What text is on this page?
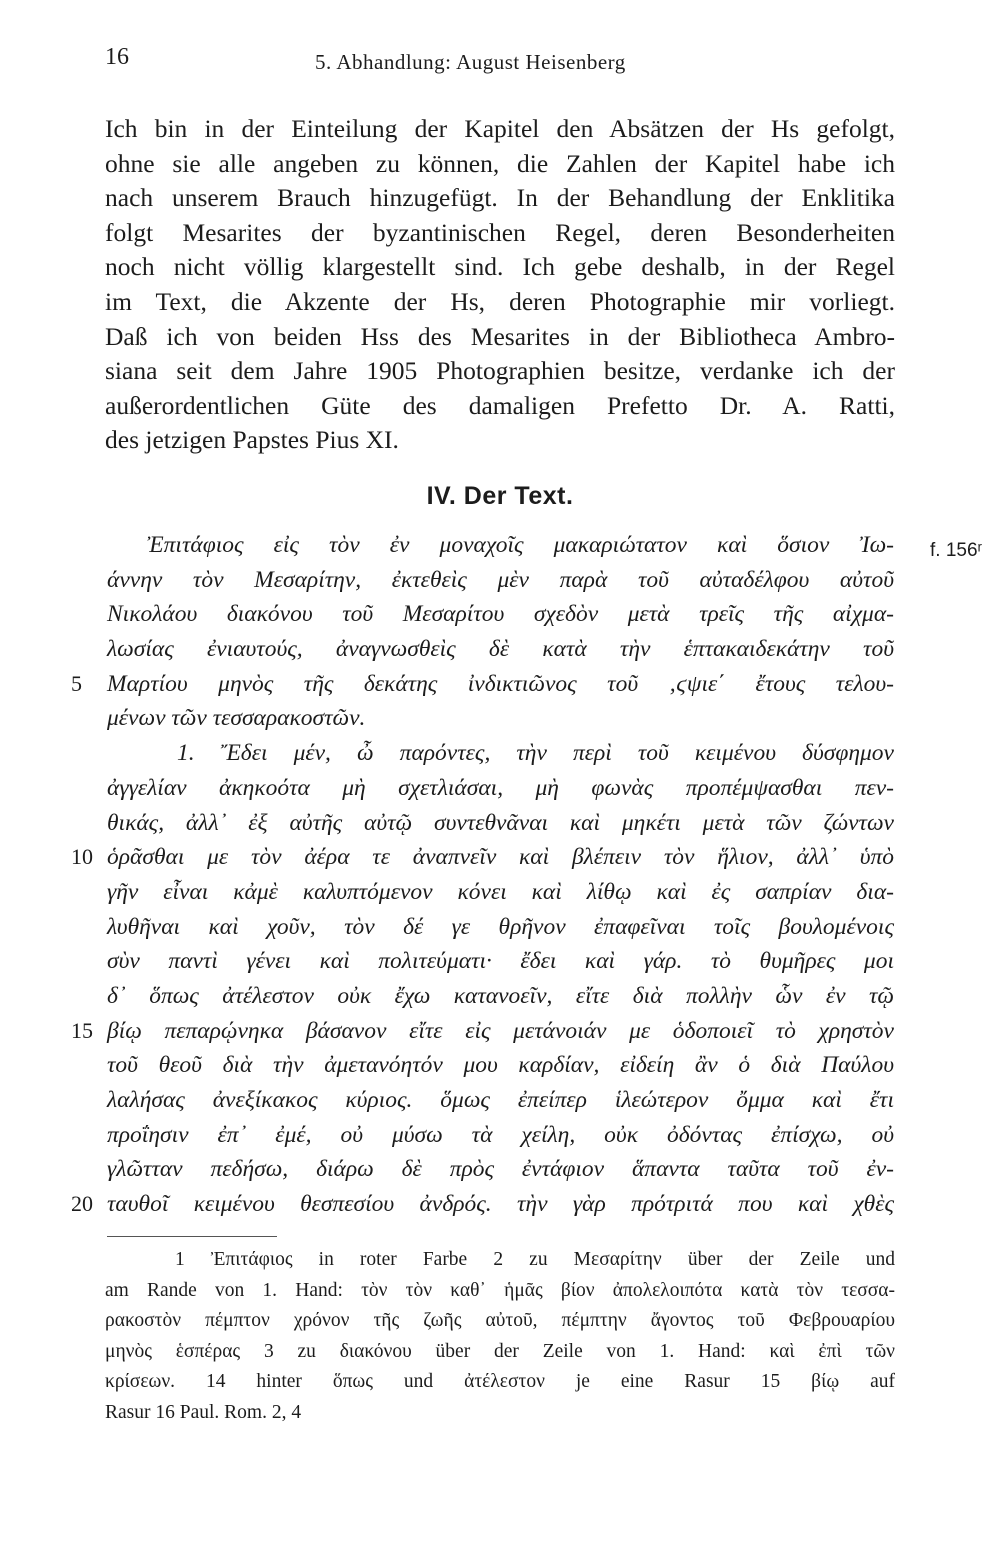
16	5. Abhandlung: August Heisenberg
Ich bin in der Einteilung der Kapitel den Absätzen der Hs gefolgt,
ohne sie alle angeben zu können, die Zahlen der Kapitel habe ich
nach unserem Brauch hinzugefügt. In der Behandlung der Enklitika
folgt Mesarites der byzantinischen Regel, deren Besonderheiten
noch nicht völlig klargestellt sind. Ich gebe deshalb, in der Regel
im Text, die Akzente der Hs, deren Photographie mir vorliegt.
Daß ich von beiden Hss des Mesarites in der Bibliotheca Ambro-
siana seit dem Jahre 1905 Photographien besitze, verdanke ich der
außerordentlichen Güte des damaligen Prefetto Dr. A. Ratti,
des jetzigen Papstes Pius XI.
IV. Der Text.
f. 156ʳ
Ἐπιτάφιος εἰς τὸν ἐν μοναχοῖς μακαριώτατον καὶ ὅσιον Ἰω-
άννην τὸν Μεσαρίτην, ἐκτεθεὶς μὲν παρὰ τοῦ αὐταδέλφου αὐτοῦ
Νικολάου διακόνου τοῦ Μεσαρίτου σχεδὸν μετὰ τρεῖς τῆς αἰχμα-
λωσίας ἐνιαυτούς, ἀναγνωσθεὶς δὲ κατὰ τὴν ἑπτακαιδεκάτην τοῦ
5	Μαρτίου μηνὸς τῆς δεκάτης ἰνδικτιῶνος τοῦ ‚ϛψιε΄ ἔτους τελου-
μένων τῶν τεσσαρακοστῶν.
1. Ἔδει μέν, ὦ παρόντες, τὴν περὶ τοῦ κειμένου δύσφημον
ἀγγελίαν ἀκηκοότα μὴ σχετλιάσαι, μὴ φωνὰς προπέμψασθαι πεν-
θικάς, ἀλλ᾽ ἐξ αὐτῆς αὐτῷ συντεθνᾶναι καὶ μηκέτι μετὰ τῶν ζώντων
10 ὁρᾶσθαι με τὸν ἀέρα τε ἀναπνεῖν καὶ βλέπειν τὸν ἥλιον, ἀλλ᾽ ὑπὸ
γῆν εἶναι κἀμὲ καλυπτόμενον κόνει καὶ λίθῳ καὶ ἐς σαπρίαν δια-
λυθῆναι καὶ χοῦν, τὸν δέ γε θρῆνον ἐπαφεῖναι τοῖς βουλομένοις
σὺν παντὶ γένει καὶ πολιτεύματι· ἔδει καὶ γάρ. τὸ θυμῆρες μοι
δ᾽ ὅπως ἀτέλεστον οὐκ ἔχω κατανοεῖν, εἴτε διὰ πολλὴν ὧν ἐν τῷ
15 βίῳ πεπαρῴνηκα βάσανον εἴτε εἰς μετάνοιάν με ὁδοποιεῖ τὸ χρηστὸν
τοῦ θεοῦ διὰ τὴν ἀμετανόητόν μου καρδίαν, εἰδείη ἂν ὁ διὰ Παύλου
λαλήσας ἀνεξίκακος κύριος. ὅμως ἐπείπερ ἱλεώτερον ὄμμα καὶ ἔτι
προΐησιν ἐπ᾽ ἐμέ, οὐ μύσω τὰ χείλη, οὐκ ὀδόντας ἐπίσχω, οὐ
γλῶτταν πεδήσω, διάρω δὲ πρὸς ἐντάφιον ἅπαντα ταῦτα τοῦ ἐν-
20 ταυθοῖ κειμένου θεσπεσίου ἀνδρός. τὴν γὰρ πρότριτά που καὶ χθὲς
1 Ἐπιτάφιος in roter Farbe 2 zu Μεσαρίτην über der Zeile und
am Rande von 1. Hand: τὸν τὸν καθ᾽ ἡμᾶς βίον ἀπολελοιπότα κατὰ τὸν τεσσα-
ρακοστὸν πέμπτον χρόνον τῆς ζωῆς αὐτοῦ, πέμπτην ἄγοντος τοῦ Φεβρουαρίου
μηνὸς ἑσπέρας 3 zu διακόνου über der Zeile von 1. Hand: καὶ ἐπὶ τῶν
κρίσεων. 14 hinter ὅπως und ἀτέλεστον je eine Rasur 15 βίῳ auf
Rasur 16 Paul. Rom. 2, 4
